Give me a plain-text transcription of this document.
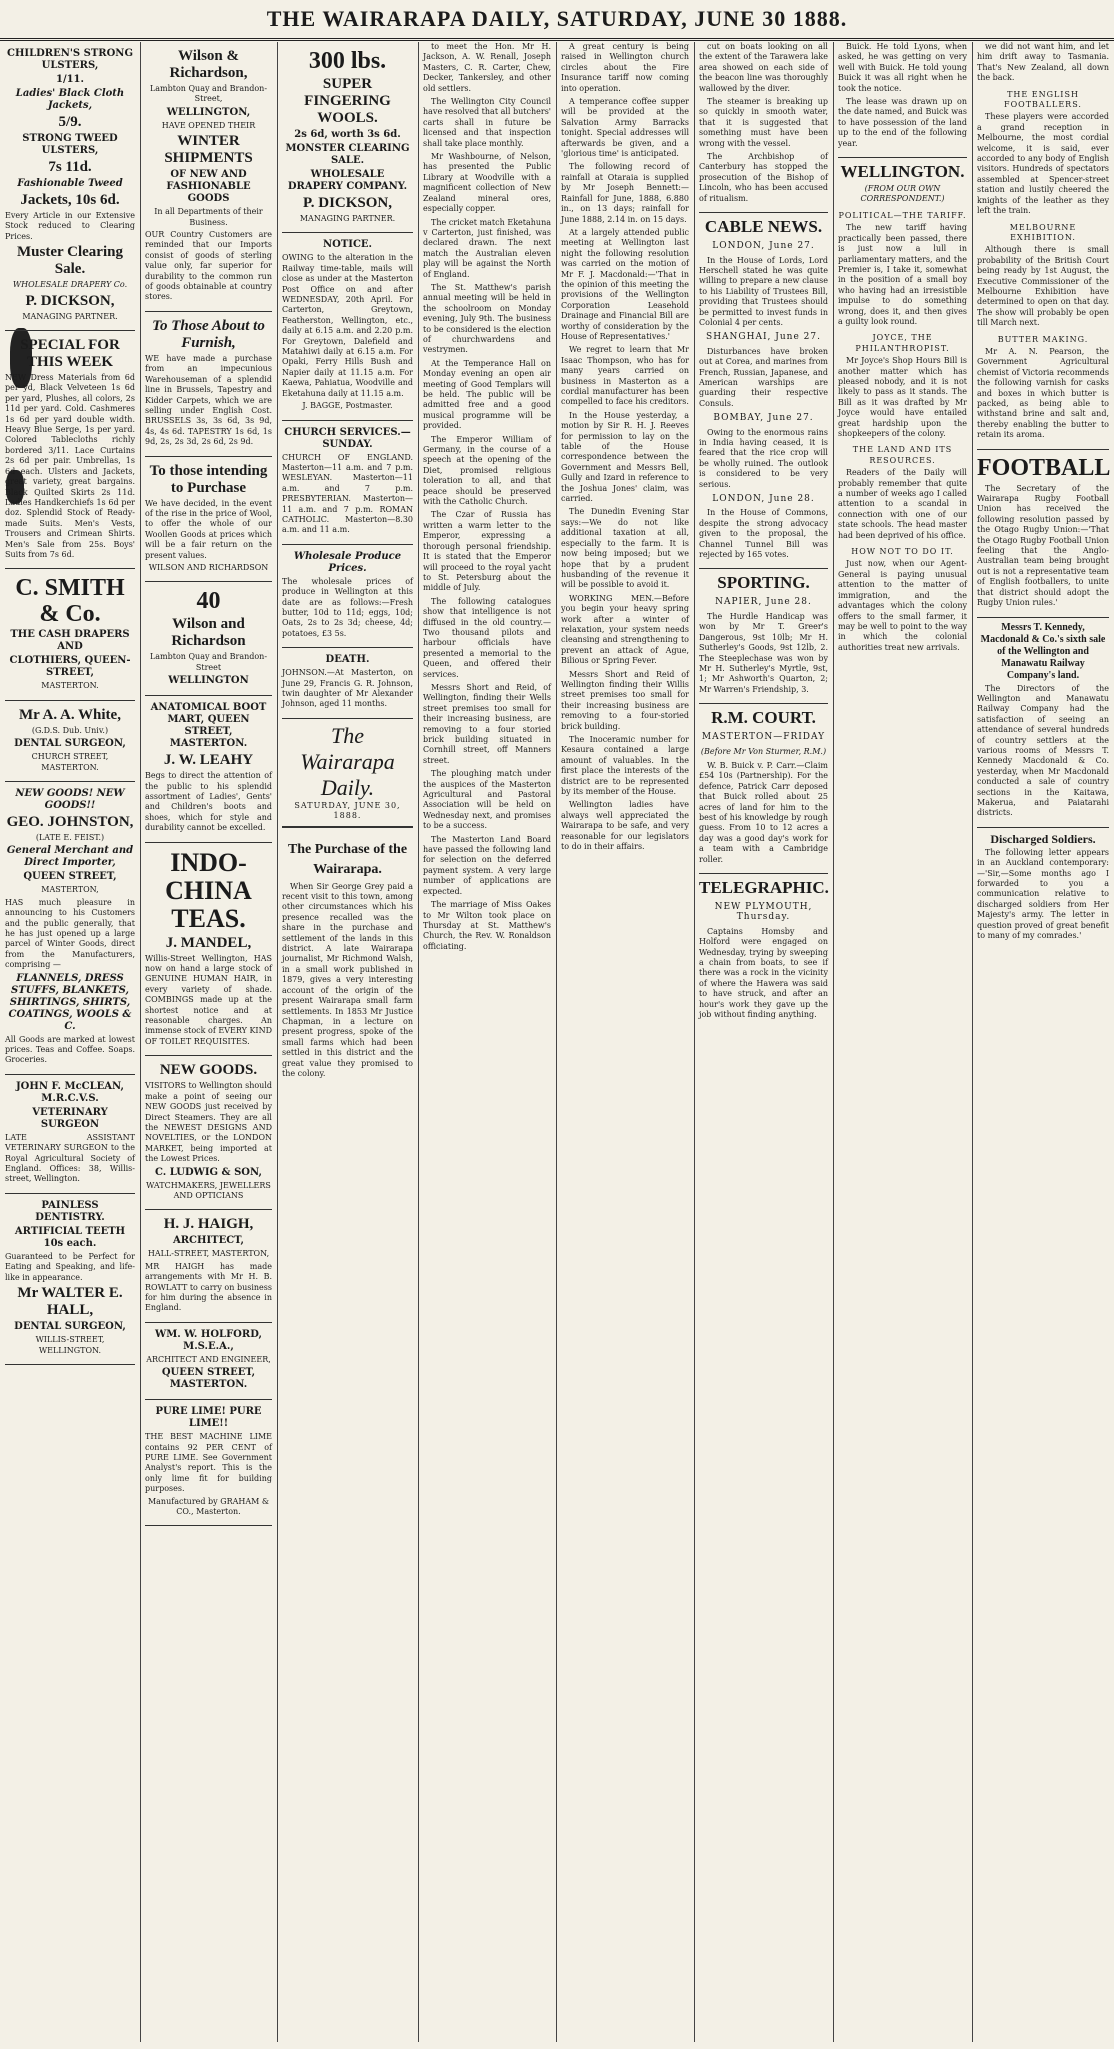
THE WAIRARAPA DAILY, SATURDAY, JUNE 30 1888.

CHILDREN'S STRONG ULSTERS,

1/11.

Ladies' Black Cloth Jackets,

5/9.

STRONG TWEED ULSTERS,

7s 11d.

Fashionable Tweed

Jackets, 10s 6d.

Every Article in our Extensive Stock reduced to Clearing Prices.

Muster Clearing Sale.

WHOLESALE DRAPERY Co.

P. DICKSON,

MANAGING PARTNER.

SPECIAL FOR THIS WEEK

NEW Dress Materials from 6d per yd, Black Velveteen 1s 6d per yard, Plushes, all colors, 2s 11d per yard. Cold. Cashmeres 1s 6d per yard double width. Heavy Blue Serge, 1s per yard. Colored Tablecloths richly bordered 3/11. Lace Curtains 2s 6d per pair. Umbrellas, 1s 6d each. Ulsters and Jackets, great variety, great bargains. Black Quilted Skirts 2s 11d. Ladies Handkerchiefs 1s 6d per doz. Splendid Stock of Ready-made Suits. Men's Vests, Trousers and Crimean Shirts. Men's Sale from 25s. Boys' Suits from 7s 6d.

C. SMITH & Co.

THE CASH DRAPERS AND

CLOTHIERS, QUEEN-STREET,

MASTERTON.

Mr A. A. White,

(G.D.S. Dub. Univ.)

DENTAL SURGEON,

CHURCH STREET, MASTERTON.

NEW GOODS! NEW GOODS!!

GEO. JOHNSTON,

(LATE E. FEIST.)

General Merchant and Direct Importer,

QUEEN STREET,

MASTERTON,

HAS much pleasure in announcing to his Customers and the public generally, that he has just opened up a large parcel of Winter Goods, direct from the Manufacturers, comprising —

FLANNELS, DRESS STUFFS, BLANKETS, SHIRTINGS, SHIRTS, COATINGS, WOOLS & C.

All Goods are marked at lowest prices. Teas and Coffee. Soaps. Groceries.

JOHN F. McCLEAN, M.R.C.V.S.

VETERINARY SURGEON

LATE ASSISTANT VETERINARY SURGEON to the Royal Agricultural Society of England. Offices: 38, Willis-street, Wellington.

PAINLESS DENTISTRY.

ARTIFICIAL TEETH 10s each.

Guaranteed to be Perfect for Eating and Speaking, and life-like in appearance.

Mr WALTER E. HALL,

DENTAL SURGEON,

WILLIS-STREET, WELLINGTON.

Wilson & Richardson,

Lambton Quay and Brandon-Street,

WELLINGTON,

HAVE OPENED THEIR

WINTER SHIPMENTS

OF NEW AND FASHIONABLE GOODS

In all Departments of their Business.

OUR Country Customers are reminded that our Imports consist of goods of sterling value only, far superior for durability to the common run of goods obtainable at country stores.

To Those About to Furnish,

WE have made a purchase from an impecunious Warehouseman of a splendid line in Brussels, Tapestry and Kidder Carpets, which we are selling under English Cost. BRUSSELS 3s, 3s 6d, 3s 9d, 4s, 4s 6d. TAPESTRY 1s 6d, 1s 9d, 2s, 2s 3d, 2s 6d, 2s 9d.

To those intending to Purchase

We have decided, in the event of the rise in the price of Wool, to offer the whole of our Woollen Goods at prices which will be a fair return on the present values.

WILSON AND RICHARDSON

40

Wilson and Richardson

Lambton Quay and Brandon-Street

WELLINGTON

ANATOMICAL BOOT MART, QUEEN STREET, MASTERTON.

J. W. LEAHY

Begs to direct the attention of the public to his splendid assortment of Ladies', Gents' and Children's boots and shoes, which for style and durability cannot be excelled.

INDO-CHINA TEAS.

J. MANDEL,

Willis-Street Wellington, HAS now on hand a large stock of GENUINE HUMAN HAIR, in every variety of shade. COMBINGS made up at the shortest notice and at reasonable charges. An immense stock of EVERY KIND OF TOILET REQUISITES.

NEW GOODS.

VISITORS to Wellington should make a point of seeing our NEW GOODS just received by Direct Steamers. They are all the NEWEST DESIGNS AND NOVELTIES, or the LONDON MARKET, being imported at the Lowest Prices.

C. LUDWIG & SON,

WATCHMAKERS, JEWELLERS AND OPTICIANS

H. J. HAIGH,

ARCHITECT,

HALL-STREET, MASTERTON,

MR HAIGH has made arrangements with Mr H. B. ROWLATT to carry on business for him during the absence in England.

WM. W. HOLFORD, M.S.E.A.,

ARCHITECT AND ENGINEER,

QUEEN STREET, MASTERTON.

PURE LIME! PURE LIME!!

THE BEST MACHINE LIME contains 92 PER CENT of PURE LIME. See Government Analyst's report. This is the only lime fit for building purposes.

Manufactured by GRAHAM & CO., Masterton.

300 lbs.

SUPER FINGERING WOOLS.

2s 6d, worth 3s 6d.

MONSTER CLEARING SALE.

WHOLESALE DRAPERY COMPANY.

P. DICKSON,

MANAGING PARTNER.

NOTICE.

OWING to the alteration in the Railway time-table, mails will close as under at the Masterton Post Office on and after WEDNESDAY, 20th April. For Carterton, Greytown, Featherston, Wellington, etc., daily at 6.15 a.m. and 2.20 p.m. For Greytown, Dalefield and Matahiwi daily at 6.15 a.m. For Opaki, Ferry Hills Bush and Napier daily at 11.15 a.m. For Kaewa, Pahiatua, Woodville and Eketahuna daily at 11.15 a.m.

J. BAGGE, Postmaster.

CHURCH SERVICES.—SUNDAY.

CHURCH OF ENGLAND. Masterton—11 a.m. and 7 p.m. WESLEYAN. Masterton—11 a.m. and 7 p.m. PRESBYTERIAN. Masterton—11 a.m. and 7 p.m. ROMAN CATHOLIC. Masterton—8.30 a.m. and 11 a.m.

Wholesale Produce Prices.

The wholesale prices of produce in Wellington at this date are as follows:—Fresh butter, 10d to 11d; eggs, 10d; Oats, 2s to 2s 3d; cheese, 4d; potatoes, £3 5s.

DEATH.

JOHNSON.—At Masterton, on June 29, Francis G. R. Johnson, twin daughter of Mr Alexander Johnson, aged 11 months.

The Wairarapa Daily.
SATURDAY, JUNE 30, 1888.
The Purchase of the Wairarapa.

When Sir George Grey paid a recent visit to this town, among other circumstances which his presence recalled was the share in the purchase and settlement of the lands in this district. A late Wairarapa journalist, Mr Richmond Walsh, in a small work published in 1879, gives a very interesting account of the origin of the present Wairarapa small farm settlements. In 1853 Mr Justice Chapman, in a lecture on present progress, spoke of the small farms which had been settled in this district and the great value they promised to the colony.

to meet the Hon. Mr H. Jackson, A. W. Renall, Joseph Masters, C. R. Carter, Chew, Decker, Tankersley, and other old settlers.

The Wellington City Council have resolved that all butchers' carts shall in future be licensed and that inspection shall take place monthly.

Mr Washbourne, of Nelson, has presented the Public Library at Woodville with a magnificent collection of New Zealand mineral ores, especially copper.

The cricket match Eketahuna v Carterton, just finished, was declared drawn. The next match the Australian eleven play will be against the North of England.

The St. Matthew's parish annual meeting will be held in the schoolroom on Monday evening, July 9th. The business to be considered is the election of churchwardens and vestrymen.

At the Temperance Hall on Monday evening an open air meeting of Good Templars will be held. The public will be admitted free and a good musical programme will be provided.

The Emperor William of Germany, in the course of a speech at the opening of the Diet, promised religious toleration to all, and that peace should be preserved with the Catholic Church.

The Czar of Russia has written a warm letter to the Emperor, expressing a thorough personal friendship. It is stated that the Emperor will proceed to the royal yacht to St. Petersburg about the middle of July.

The following catalogues show that intelligence is not diffused in the old country.—Two thousand pilots and harbour officials have presented a memorial to the Queen, and offered their services.

Messrs Short and Reid, of Wellington, finding their Wells street premises too small for their increasing business, are removing to a four storied brick building situated in Cornhill street, off Manners street.

The ploughing match under the auspices of the Masterton Agricultural and Pastoral Association will be held on Wednesday next, and promises to be a success.

The Masterton Land Board have passed the following land for selection on the deferred payment system. A very large number of applications are expected.

The marriage of Miss Oakes to Mr Wilton took place on Thursday at St. Matthew's Church, the Rev. W. Ronaldson officiating.

A great century is being raised in Wellington church circles about the Fire Insurance tariff now coming into operation.

A temperance coffee supper will be provided at the Salvation Army Barracks tonight. Special addresses will afterwards be given, and a 'glorious time' is anticipated.

The following record of rainfall at Otaraia is supplied by Mr Joseph Bennett:—Rainfall for June, 1888, 6.880 in., on 13 days; rainfall for June 1888, 2.14 in. on 15 days.

At a largely attended public meeting at Wellington last night the following resolution was carried on the motion of Mr F. J. Macdonald:—'That in the opinion of this meeting the provisions of the Wellington Corporation Leasehold Drainage and Financial Bill are worthy of consideration by the House of Representatives.'

We regret to learn that Mr Isaac Thompson, who has for many years carried on business in Masterton as a cordial manufacturer has been compelled to face his creditors.

In the House yesterday, a motion by Sir R. H. J. Reeves for permission to lay on the table of the House correspondence between the Government and Messrs Bell, Gully and Izard in reference to the Joshua Jones' claim, was carried.

The Dunedin Evening Star says:—We do not like additional taxation at all, especially to the farm. It is now being imposed; but we hope that by a prudent husbanding of the revenue it will be possible to avoid it.

WORKING MEN.—Before you begin your heavy spring work after a winter of relaxation, your system needs cleansing and strengthening to prevent an attack of Ague, Bilious or Spring Fever.

Messrs Short and Reid of Wellington finding their Willis street premises too small for their increasing business are removing to a four-storied brick building.

The Inoceramic number for Kesaura contained a large amount of valuables. In the first place the interests of the district are to be represented by its member of the House.

Wellington ladies have always well appreciated the Wairarapa to be safe, and very reasonable for our legislators to do in their affairs.

cut on boats looking on all the extent of the Tarawera lake area showed on each side of the beacon line was thoroughly wallowed by the diver.

The steamer is breaking up so quickly in smooth water, that it is suggested that something must have been wrong with the vessel.

The Archbishop of Canterbury has stopped the prosecution of the Bishop of Lincoln, who has been accused of ritualism.

CABLE NEWS.
LONDON, June 27.

In the House of Lords, Lord Herschell stated he was quite willing to prepare a new clause to his Liability of Trustees Bill, providing that Trustees should be permitted to invest funds in Colonial 4 per cents.

SHANGHAI, June 27.

Disturbances have broken out at Corea, and marines from French, Russian, Japanese, and American warships are guarding their respective Consuls.

BOMBAY, June 27.

Owing to the enormous rains in India having ceased, it is feared that the rice crop will be wholly ruined. The outlook is considered to be very serious.

LONDON, June 28.

In the House of Commons, despite the strong advocacy given to the proposal, the Channel Tunnel Bill was rejected by 165 votes.

SPORTING.
NAPIER, June 28.

The Hurdle Handicap was won by Mr T. Greer's Dangerous, 9st 10lb; Mr H. Sutherley's Goods, 9st 12lb, 2. The Steeplechase was won by Mr H. Sutherley's Myrtle, 9st, 1; Mr Ashworth's Quarton, 2; Mr Warren's Friendship, 3.

R.M. COURT.
MASTERTON—FRIDAY
(Before Mr Von Sturmer, R.M.)

W. B. Buick v. P. Carr.—Claim £54 10s (Partnership). For the defence, Patrick Carr deposed that Buick rolled about 25 acres of land for him to the best of his knowledge by rough guess. From 10 to 12 acres a day was a good day's work for a team with a Cambridge roller.

TELEGRAPHIC.
NEW PLYMOUTH, Thursday.

Captains Homsby and Holford were engaged on Wednesday, trying by sweeping a chain from boats, to see if there was a rock in the vicinity of where the Hawera was said to have struck, and after an hour's work they gave up the job without finding anything.

Buick. He told Lyons, when asked, he was getting on very well with Buick. He told young Buick it was all right when he took the notice.

The lease was drawn up on the date named, and Buick was to have possession of the land up to the end of the following year.

WELLINGTON.
(FROM OUR OWN CORRESPONDENT.)
POLITICAL—THE TARIFF.

The new tariff having practically been passed, there is just now a lull in parliamentary matters, and the Premier is, I take it, somewhat in the position of a small boy who having had an irresistible impulse to do something wrong, does it, and then gives a guilty look round.

JOYCE, THE PHILANTHROPIST.

Mr Joyce's Shop Hours Bill is another matter which has pleased nobody, and it is not likely to pass as it stands. The Bill as it was drafted by Mr Joyce would have entailed great hardship upon the shopkeepers of the colony.

THE LAND AND ITS RESOURCES.

Readers of the Daily will probably remember that quite a number of weeks ago I called attention to a scandal in connection with one of our state schools. The head master had been deprived of his office.

HOW NOT TO DO IT.

Just now, when our Agent-General is paying unusual attention to the matter of immigration, and the advantages which the colony offers to the small farmer, it may be well to point to the way in which the colonial authorities treat new arrivals.

we did not want him, and let him drift away to Tasmania. That's New Zealand, all down the back.

THE ENGLISH FOOTBALLERS.

These players were accorded a grand reception in Melbourne, the most cordial welcome, it is said, ever accorded to any body of English visitors. Hundreds of spectators assembled at Spencer-street station and lustily cheered the knights of the leather as they left the train.

MELBOURNE EXHIBITION.

Although there is small probability of the British Court being ready by 1st August, the Executive Commissioner of the Melbourne Exhibition have determined to open on that day. The show will probably be open till March next.

BUTTER MAKING.

Mr A. N. Pearson, the Government Agricultural chemist of Victoria recommends the following varnish for casks and boxes in which butter is packed, as being able to withstand brine and salt and, thereby enabling the butter to retain its aroma.

FOOTBALL

The Secretary of the Wairarapa Rugby Football Union has received the following resolution passed by the Otago Rugby Union:—'That the Otago Rugby Football Union feeling that the Anglo-Australian team being brought out is not a representative team of English footballers, to unite that district should adopt the Rugby Union rules.'

Messrs T. Kennedy, Macdonald & Co.'s sixth sale of the Wellington and Manawatu Railway Company's land.

The Directors of the Wellington and Manawatu Railway Company had the satisfaction of seeing an attendance of several hundreds of country settlers at the various rooms of Messrs T. Kennedy Macdonald & Co. yesterday, when Mr Macdonald conducted a sale of country sections in the Kaitawa, Makerua, and Paiatarahi districts.

Discharged Soldiers.

The following letter appears in an Auckland contemporary:—'Sir,—Some months ago I forwarded to you a communication relative to discharged soldiers from Her Majesty's army. The letter in question proved of great benefit to many of my comrades.'
